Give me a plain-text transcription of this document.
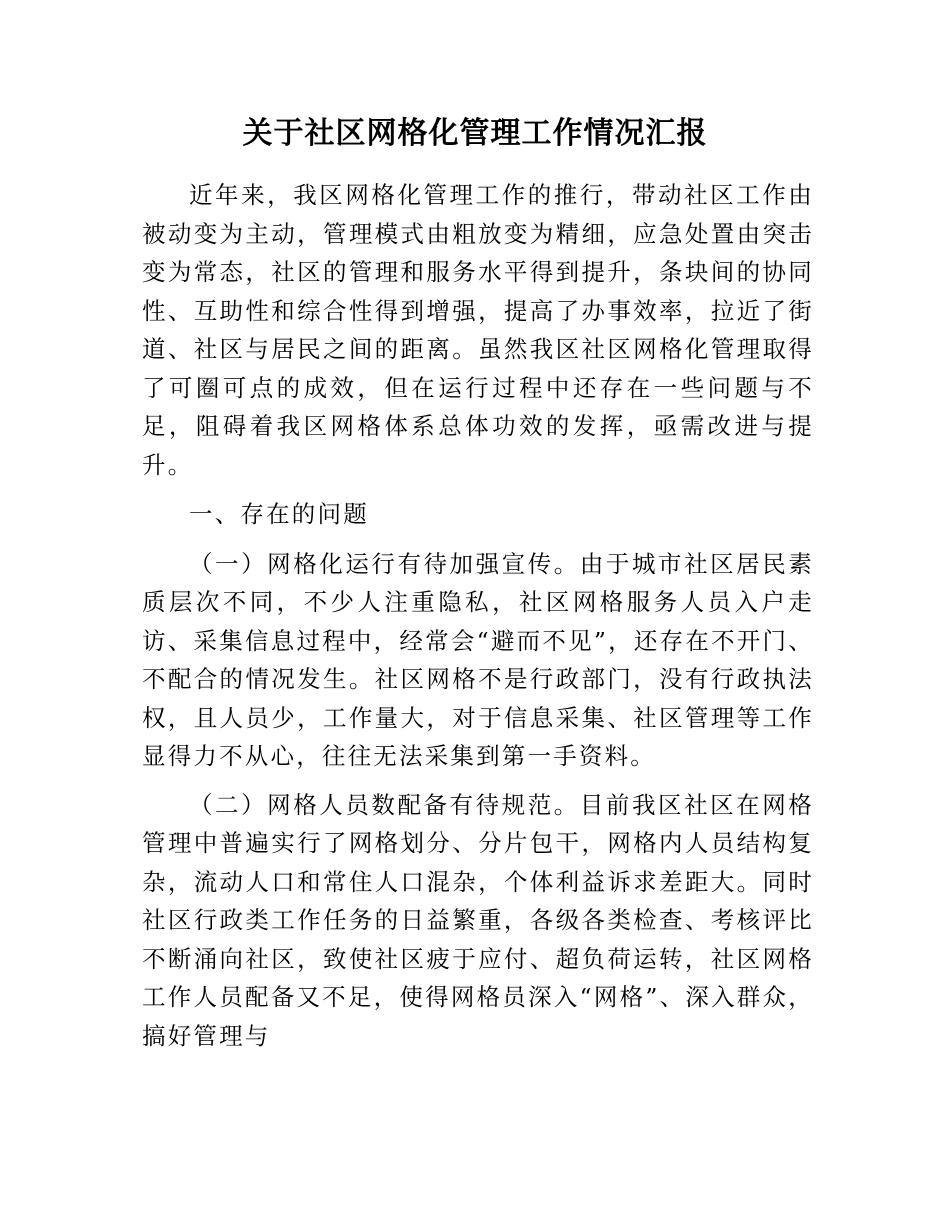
关于社区网格化管理工作情况汇报

近年来，我区网格化管理工作的推行，带动社区工作由被动变为主动，管理模式由粗放变为精细，应急处置由突击变为常态，社区的管理和服务水平得到提升，条块间的协同性、互助性和综合性得到增强，提高了办事效率，拉近了街道、社区与居民之间的距离。虽然我区社区网格化管理取得了可圈可点的成效，但在运行过程中还存在一些问题与不足，阻碍着我区网格体系总体功效的发挥，亟需改进与提升。

一、存在的问题

（一）网格化运行有待加强宣传。由于城市社区居民素质层次不同，不少人注重隐私，社区网格服务人员入户走访、采集信息过程中，经常会“避而不见”，还存在不开门、不配合的情况发生。社区网格不是行政部门，没有行政执法权，且人员少，工作量大，对于信息采集、社区管理等工作显得力不从心，往往无法采集到第一手资料。

（二）网格人员数配备有待规范。目前我区社区在网格管理中普遍实行了网格划分、分片包干，网格内人员结构复杂，流动人口和常住人口混杂，个体利益诉求差距大。同时社区行政类工作任务的日益繁重，各级各类检查、考核评比不断涌向社区，致使社区疲于应付、超负荷运转，社区网格工作人员配备又不足，使得网格员深入“网格”、深入群众，搞好管理与
